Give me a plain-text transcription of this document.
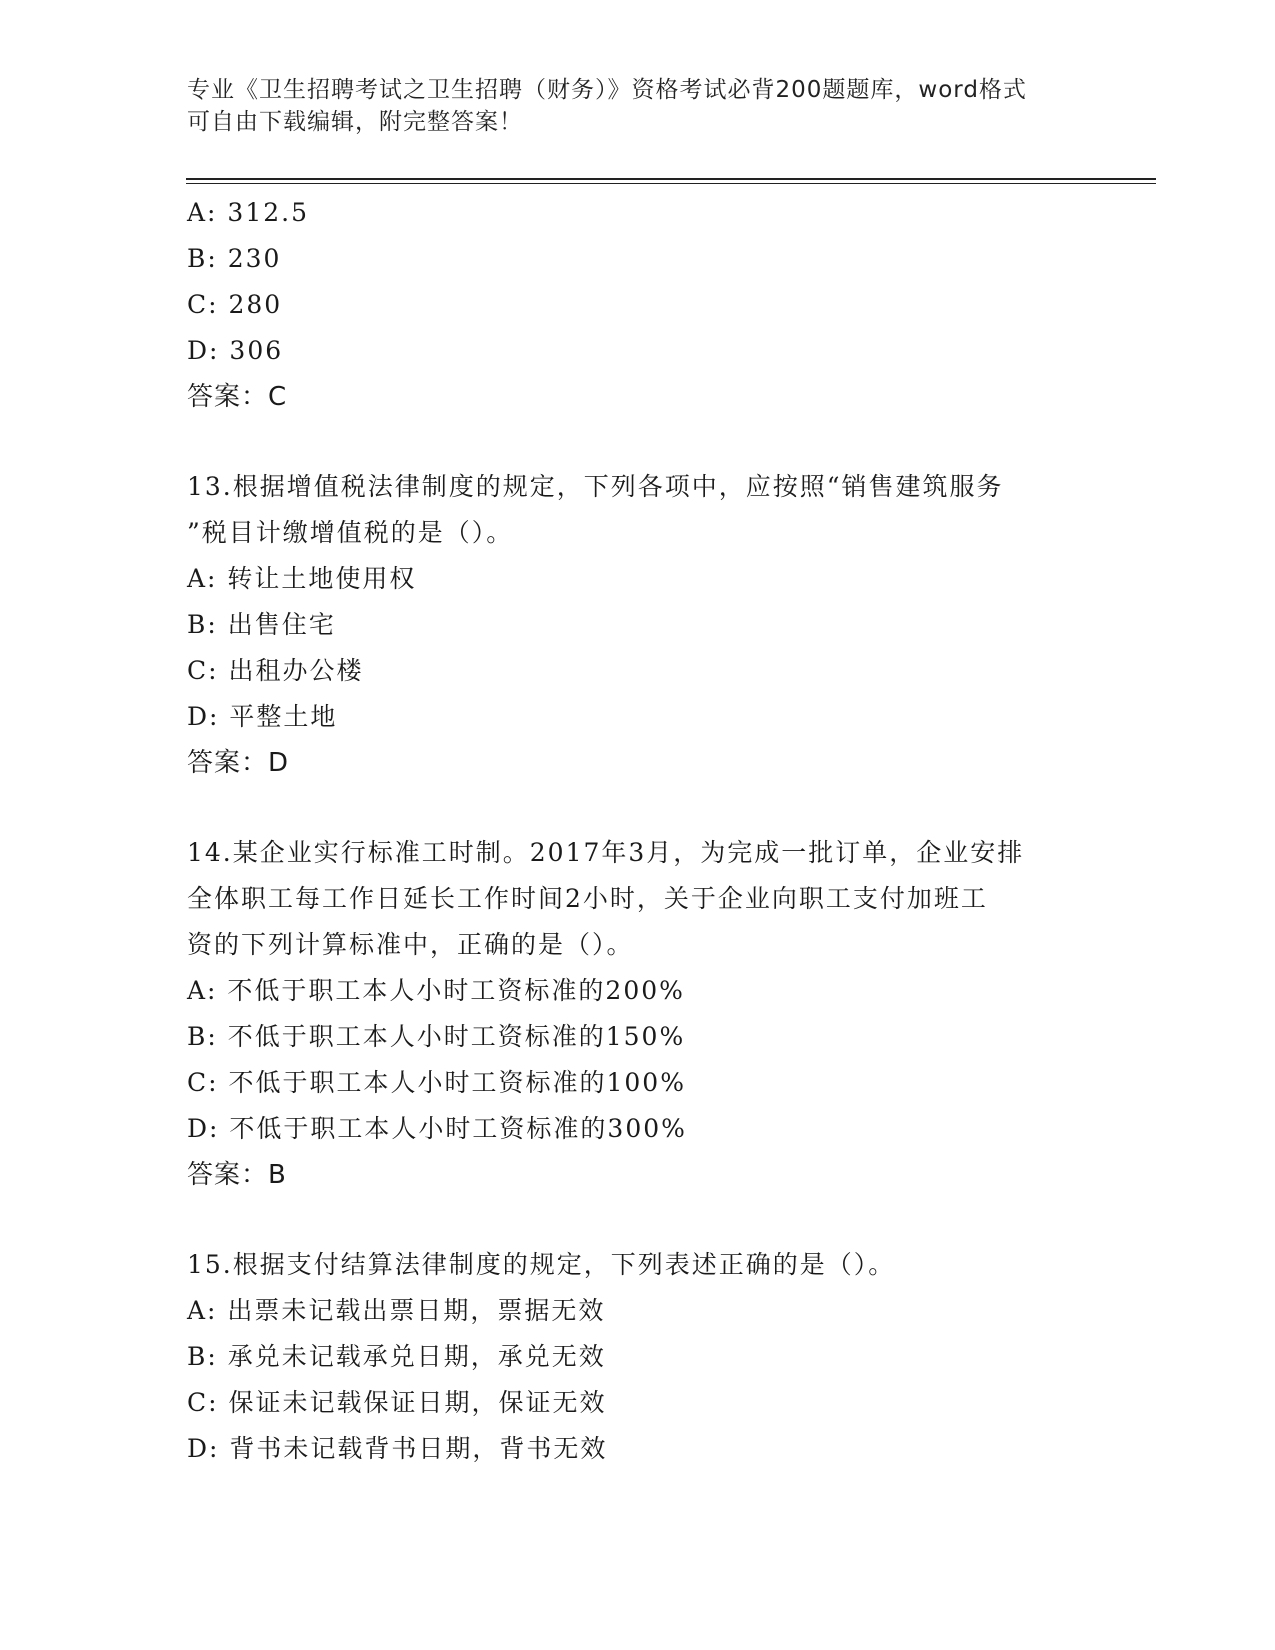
专业《卫生招聘考试之卫生招聘（财务）》资格考试必背200题题库，word格式
可自由下载编辑，附完整答案！
A: 312.5
B: 230
C: 280
D: 306
答案：C
13.根据增值税法律制度的规定，下列各项中，应按照“销售建筑服务
”税目计缴增值税的是（）。
A: 转让土地使用权
B: 出售住宅
C: 出租办公楼
D: 平整土地
答案：D
14.某企业实行标准工时制。2017年3月，为完成一批订单，企业安排
全体职工每工作日延长工作时间2小时，关于企业向职工支付加班工
资的下列计算标准中，正确的是（）。
A: 不低于职工本人小时工资标准的200%
B: 不低于职工本人小时工资标准的150%
C: 不低于职工本人小时工资标准的100%
D: 不低于职工本人小时工资标准的300%
答案：B
15.根据支付结算法律制度的规定，下列表述正确的是（）。
A: 出票未记载出票日期，票据无效
B: 承兑未记载承兑日期，承兑无效
C: 保证未记载保证日期，保证无效
D: 背书未记载背书日期，背书无效
